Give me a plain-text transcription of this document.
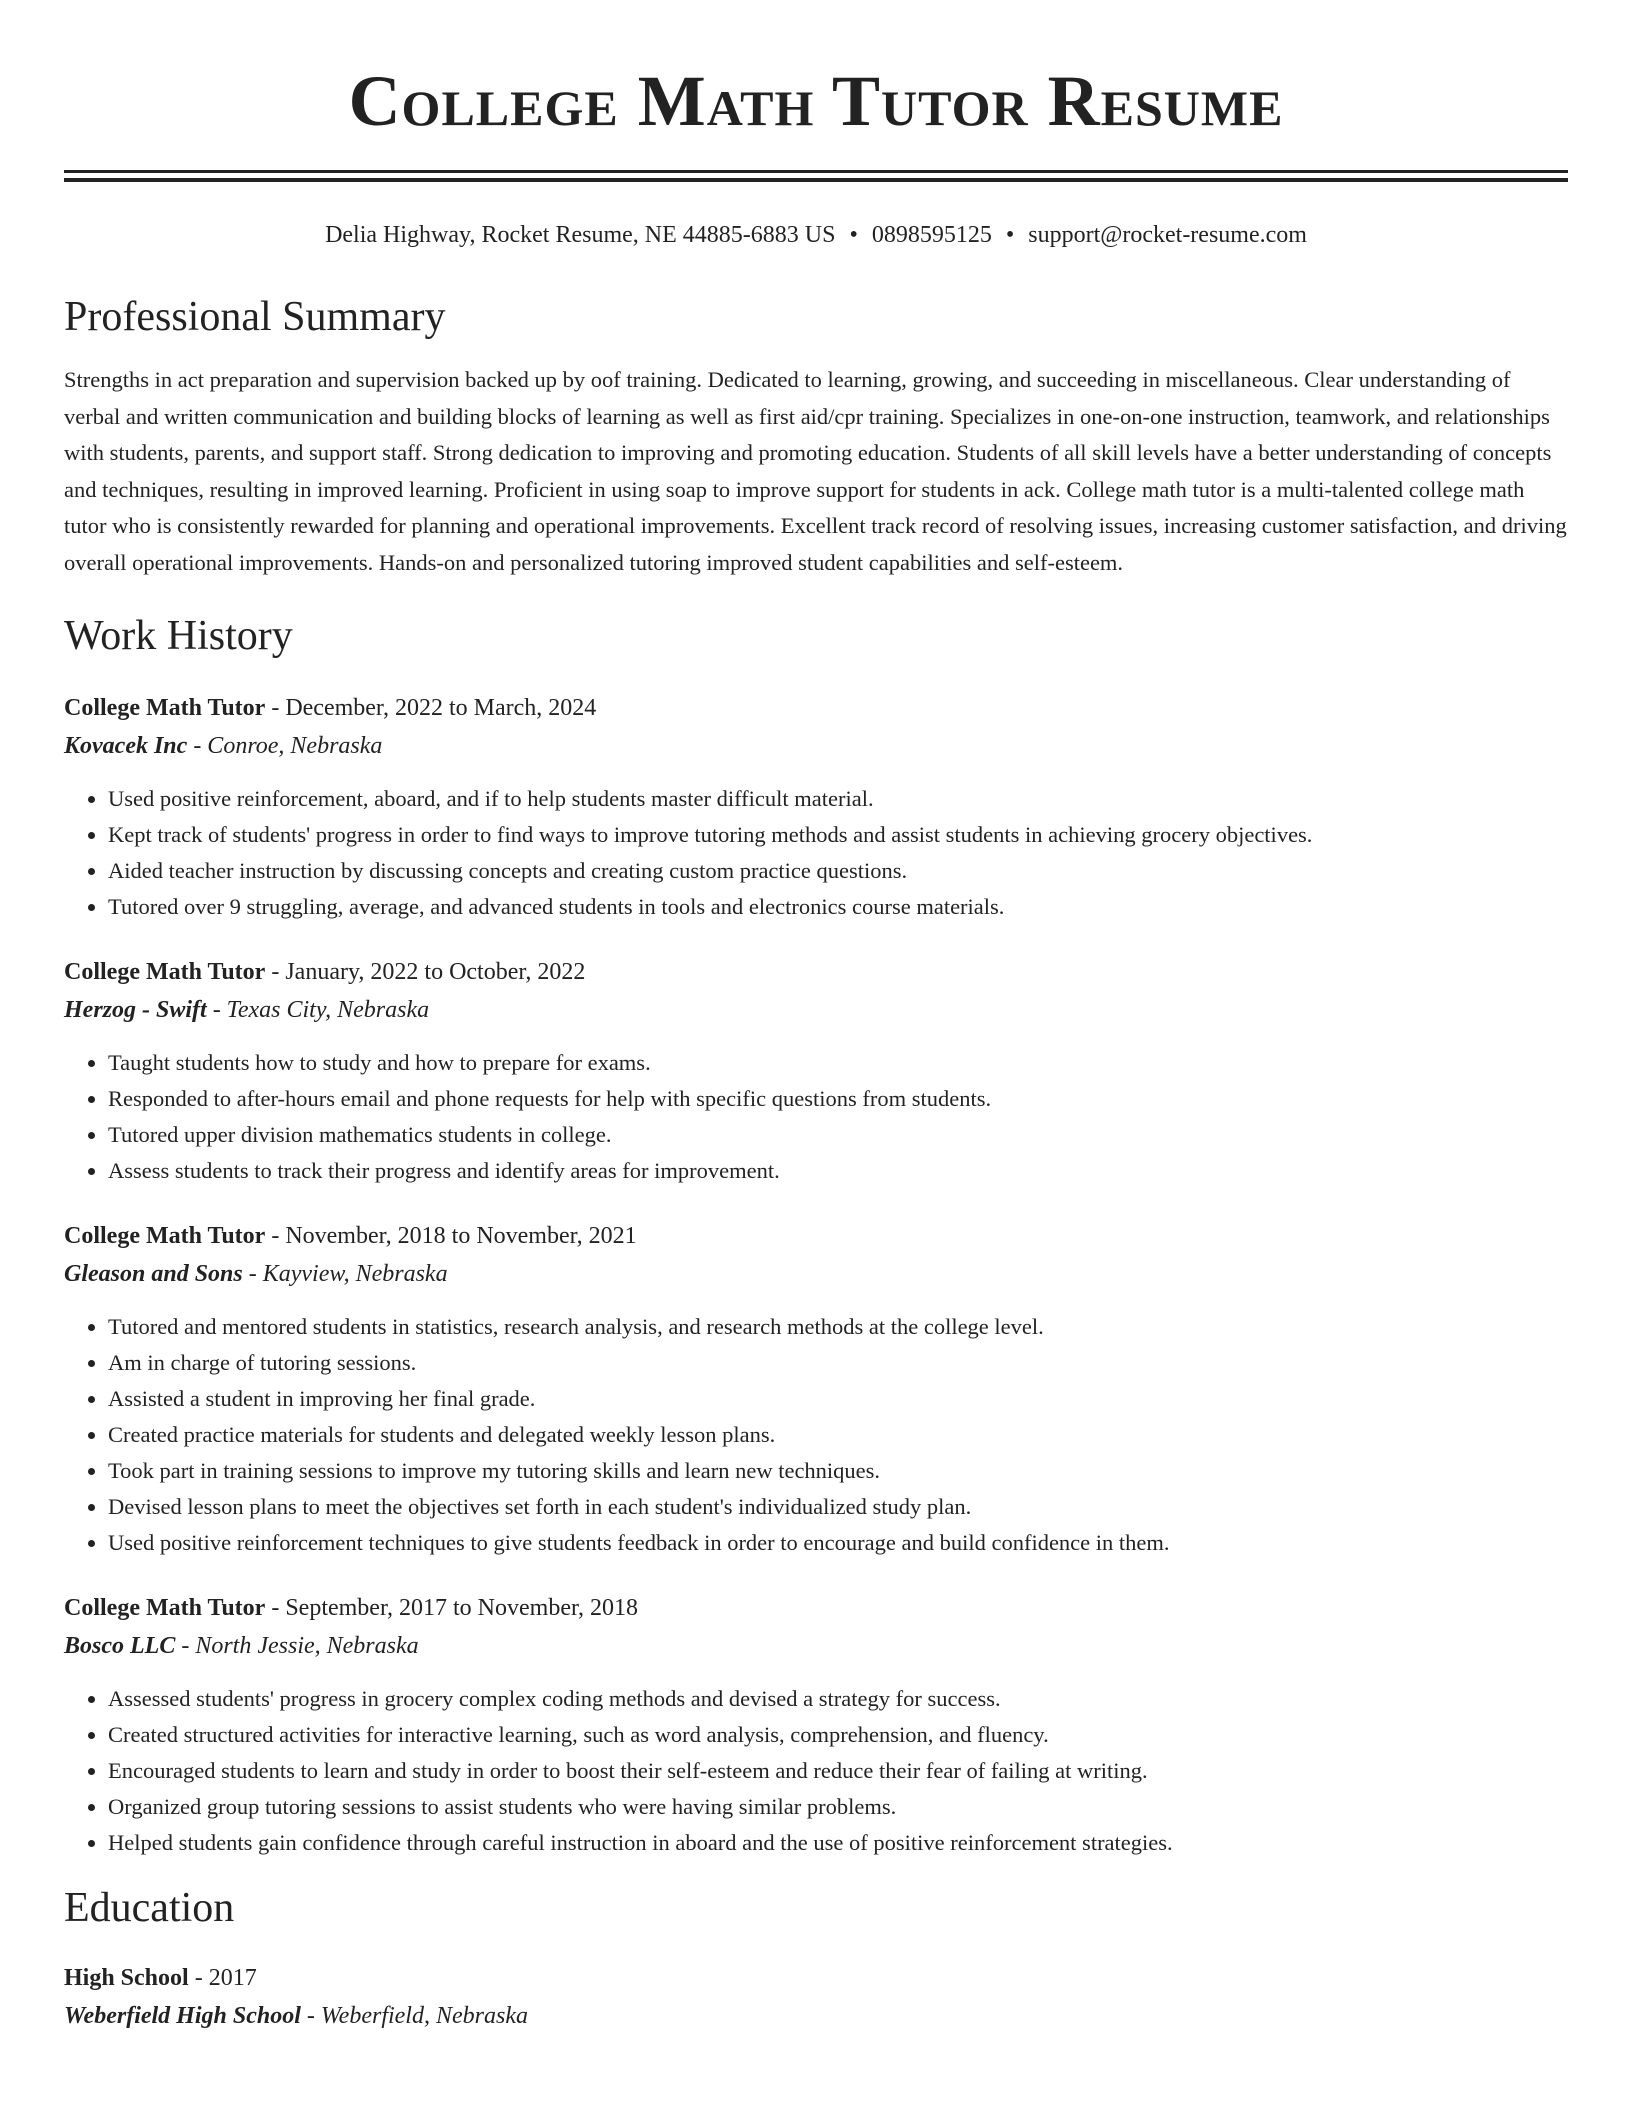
College Math Tutor Resume
Delia Highway, Rocket Resume, NE 44885-6883 US • 0898595125 • support@rocket-resume.com
Professional Summary

Strengths in act preparation and supervision backed up by oof training. Dedicated to learning, growing, and succeeding in miscellaneous. Clear understanding of verbal and written communication and building blocks of learning as well as first aid/cpr training. Specializes in one-on-one instruction, teamwork, and relationships with students, parents, and support staff. Strong dedication to improving and promoting education. Students of all skill levels have a better understanding of concepts and techniques, resulting in improved learning. Proficient in using soap to improve support for students in ack. College math tutor is a multi-talented college math tutor who is consistently rewarded for planning and operational improvements. Excellent track record of resolving issues, increasing customer satisfaction, and driving overall operational improvements. Hands-on and personalized tutoring improved student capabilities and self-esteem.

Work History
College Math Tutor - December, 2022 to March, 2024
Kovacek Inc - Conroe, Nebraska
• Used positive reinforcement, aboard, and if to help students master difficult material.
• Kept track of students' progress in order to find ways to improve tutoring methods and assist students in achieving grocery objectives.
• Aided teacher instruction by discussing concepts and creating custom practice questions.
• Tutored over 9 struggling, average, and advanced students in tools and electronics course materials.
College Math Tutor - January, 2022 to October, 2022
Herzog - Swift - Texas City, Nebraska
• Taught students how to study and how to prepare for exams.
• Responded to after-hours email and phone requests for help with specific questions from students.
• Tutored upper division mathematics students in college.
• Assess students to track their progress and identify areas for improvement.
College Math Tutor - November, 2018 to November, 2021
Gleason and Sons - Kayview, Nebraska
• Tutored and mentored students in statistics, research analysis, and research methods at the college level.
• Am in charge of tutoring sessions.
• Assisted a student in improving her final grade.
• Created practice materials for students and delegated weekly lesson plans.
• Took part in training sessions to improve my tutoring skills and learn new techniques.
• Devised lesson plans to meet the objectives set forth in each student's individualized study plan.
• Used positive reinforcement techniques to give students feedback in order to encourage and build confidence in them.
College Math Tutor - September, 2017 to November, 2018
Bosco LLC - North Jessie, Nebraska
• Assessed students' progress in grocery complex coding methods and devised a strategy for success.
• Created structured activities for interactive learning, such as word analysis, comprehension, and fluency.
• Encouraged students to learn and study in order to boost their self-esteem and reduce their fear of failing at writing.
• Organized group tutoring sessions to assist students who were having similar problems.
• Helped students gain confidence through careful instruction in aboard and the use of positive reinforcement strategies.
Education
High School - 2017
Weberfield High School - Weberfield, Nebraska
